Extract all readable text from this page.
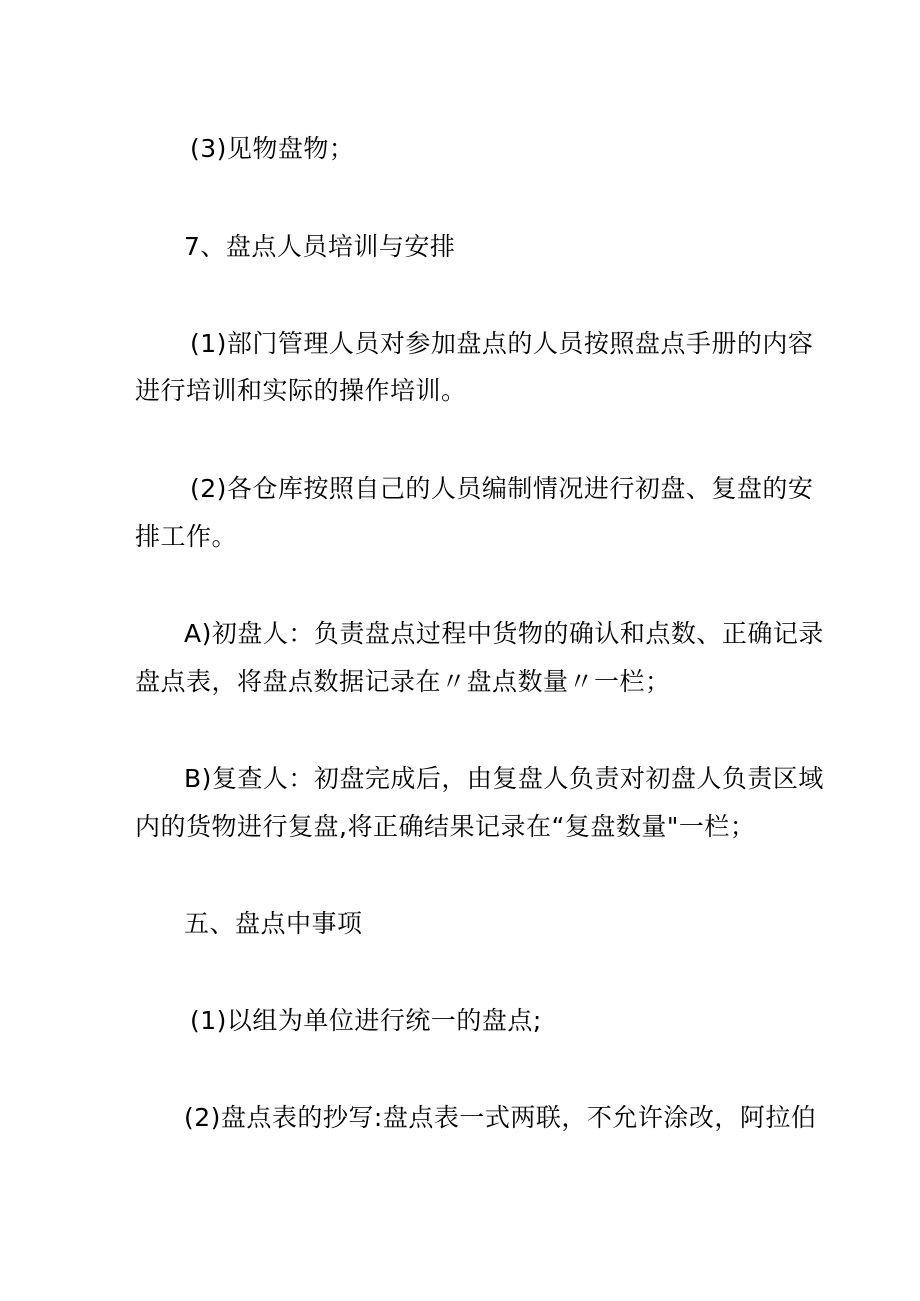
(3)见物盘物；
7、盘点人员培训与安排
(1)部门管理人员对参加盘点的人员按照盘点手册的内容
进行培训和实际的操作培训。
(2)各仓库按照自己的人员编制情况进行初盘、复盘的安
排工作。
A)初盘人：负责盘点过程中货物的确认和点数、正确记录
盘点表，将盘点数据记录在〃盘点数量〃一栏；
B)复查人：初盘完成后，由复盘人负责对初盘人负责区域
内的货物进行复盘,将正确结果记录在“复盘数量"一栏；
五、盘点中事项
(1)以组为单位进行统一的盘点;
(2)盘点表的抄写:盘点表一式两联，不允许涂改，阿拉伯
